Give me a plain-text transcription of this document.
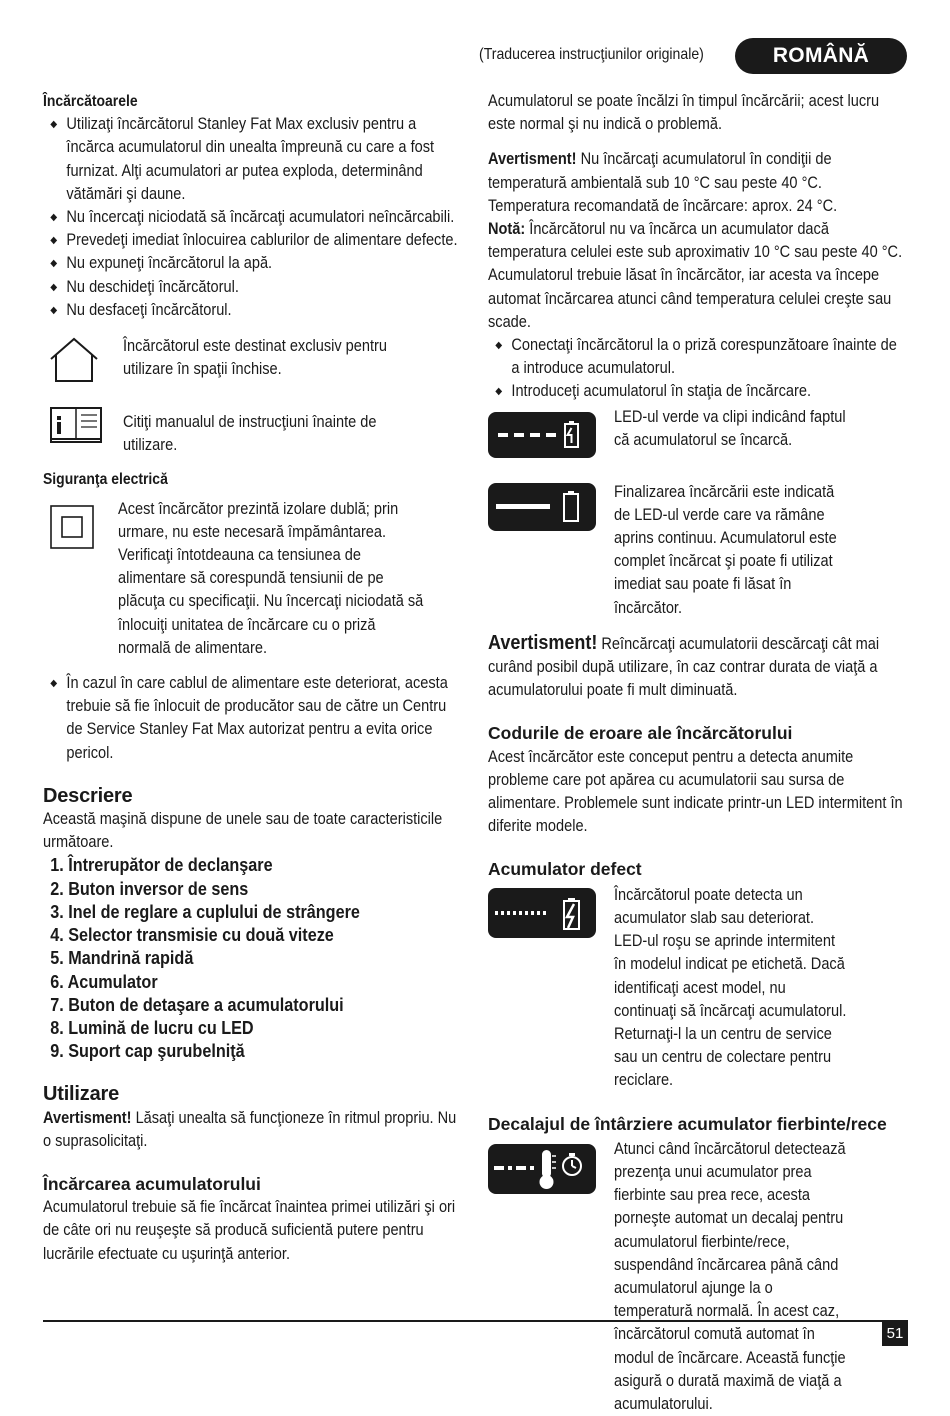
(Traducerea instrucţiunilor originale)	ROMÂNĂ

Încărcătoarele

◆ Utilizaţi încărcătorul Stanley Fat Max exclusiv pentru a încărca acumulatorul din unealta împreună cu care a fost furnizat. Alţi acumulatori ar putea exploda, determinând vătămări şi daune.
◆ Nu încercaţi niciodată să încărcaţi acumulatori neîncărcabili.
◆ Prevedeţi imediat înlocuirea cablurilor de alimentare defecte.
◆ Nu expuneţi încărcătorul la apă.
◆ Nu deschideţi încărcătorul.
◆ Nu desfaceţi încărcătorul.

Încărcătorul este destinat exclusiv pentru utilizare în spaţii închise.

Citiţi manualul de instrucţiuni înainte de utilizare.

Siguranţa electrică

Acest încărcător prezintă izolare dublă; prin urmare, nu este necesară împământarea. Verificaţi întotdeauna ca tensiunea de alimentare să corespundă tensiunii de pe plăcuţa cu specificaţii. Nu încercaţi niciodată să înlocuiţi unitatea de încărcare cu o priză normală de alimentare.

◆ În cazul în care cablul de alimentare este deteriorat, acesta trebuie să fie înlocuit de producător sau de către un Centru de Service Stanley Fat Max autorizat pentru a evita orice pericol.

Descriere

Această maşină dispune de unele sau de toate caracteristicile următoare.

1. Întrerupător de declanşare
2. Buton inversor de sens
3. Inel de reglare a cuplului de strângere
4. Selector transmisie cu două viteze
5. Mandrină rapidă
6. Acumulator
7. Buton de detaşare a acumulatorului
8. Lumină de lucru cu LED
9. Suport cap şurubelniţă

Utilizare

Avertisment! Lăsaţi unealta să funcţioneze în ritmul propriu. Nu o suprasolicitaţi.

Încărcarea acumulatorului

Acumulatorul trebuie să fie încărcat înaintea primei utilizări şi ori de câte ori nu reuşeşte să producă suficientă putere pentru lucrările efectuate cu uşurinţă anterior.

Acumulatorul se poate încălzi în timpul încărcării; acest lucru este normal şi nu indică o problemă.

Avertisment! Nu încărcaţi acumulatorul în condiţii de temperatură ambientală sub 10 °C sau peste 40 °C. Temperatura recomandată de încărcare: aprox. 24 °C.

Notă: Încărcătorul nu va încărca un acumulator dacă temperatura celulei este sub aproximativ 10 °C sau peste 40 °C. Acumulatorul trebuie lăsat în încărcător, iar acesta va începe automat încărcarea atunci când temperatura celulei creşte sau scade.

◆ Conectaţi încărcătorul la o priză corespunzătoare înainte de a introduce acumulatorul.
◆ Introduceţi acumulatorul în staţia de încărcare.

LED-ul verde va clipi indicând faptul că acumulatorul se încarcă.

Finalizarea încărcării este indicată de LED-ul verde care va rămâne aprins continuu. Acumulatorul este complet încărcat şi poate fi utilizat imediat sau poate fi lăsat în încărcător.

Avertisment! Reîncărcaţi acumulatorii descărcaţi cât mai curând posibil după utilizare, în caz contrar durata de viaţă a acumulatorului poate fi mult diminuată.

Codurile de eroare ale încărcătorului

Acest încărcător este conceput pentru a detecta anumite probleme care pot apărea cu acumulatorii sau sursa de alimentare. Problemele sunt indicate printr-un LED intermitent în diferite modele.

Acumulator defect

Încărcătorul poate detecta un acumulator slab sau deteriorat. LED-ul roşu se aprinde intermitent în modelul indicat pe etichetă. Dacă identificaţi acest model, nu continuaţi să încărcaţi acumulatorul. Returnaţi-l la un centru de service sau un centru de colectare pentru reciclare.

Decalajul de întârziere acumulator fierbinte/rece

Atunci când încărcătorul detectează prezenţa unui acumulator prea fierbinte sau prea rece, acesta porneşte automat un decalaj pentru acumulatorul fierbinte/rece, suspendând încărcarea până când acumulatorul ajunge la o temperatură normală. În acest caz, încărcătorul comută automat în modul de încărcare. Această funcţie asigură o durată maximă de viaţă a acumulatorului.

51
